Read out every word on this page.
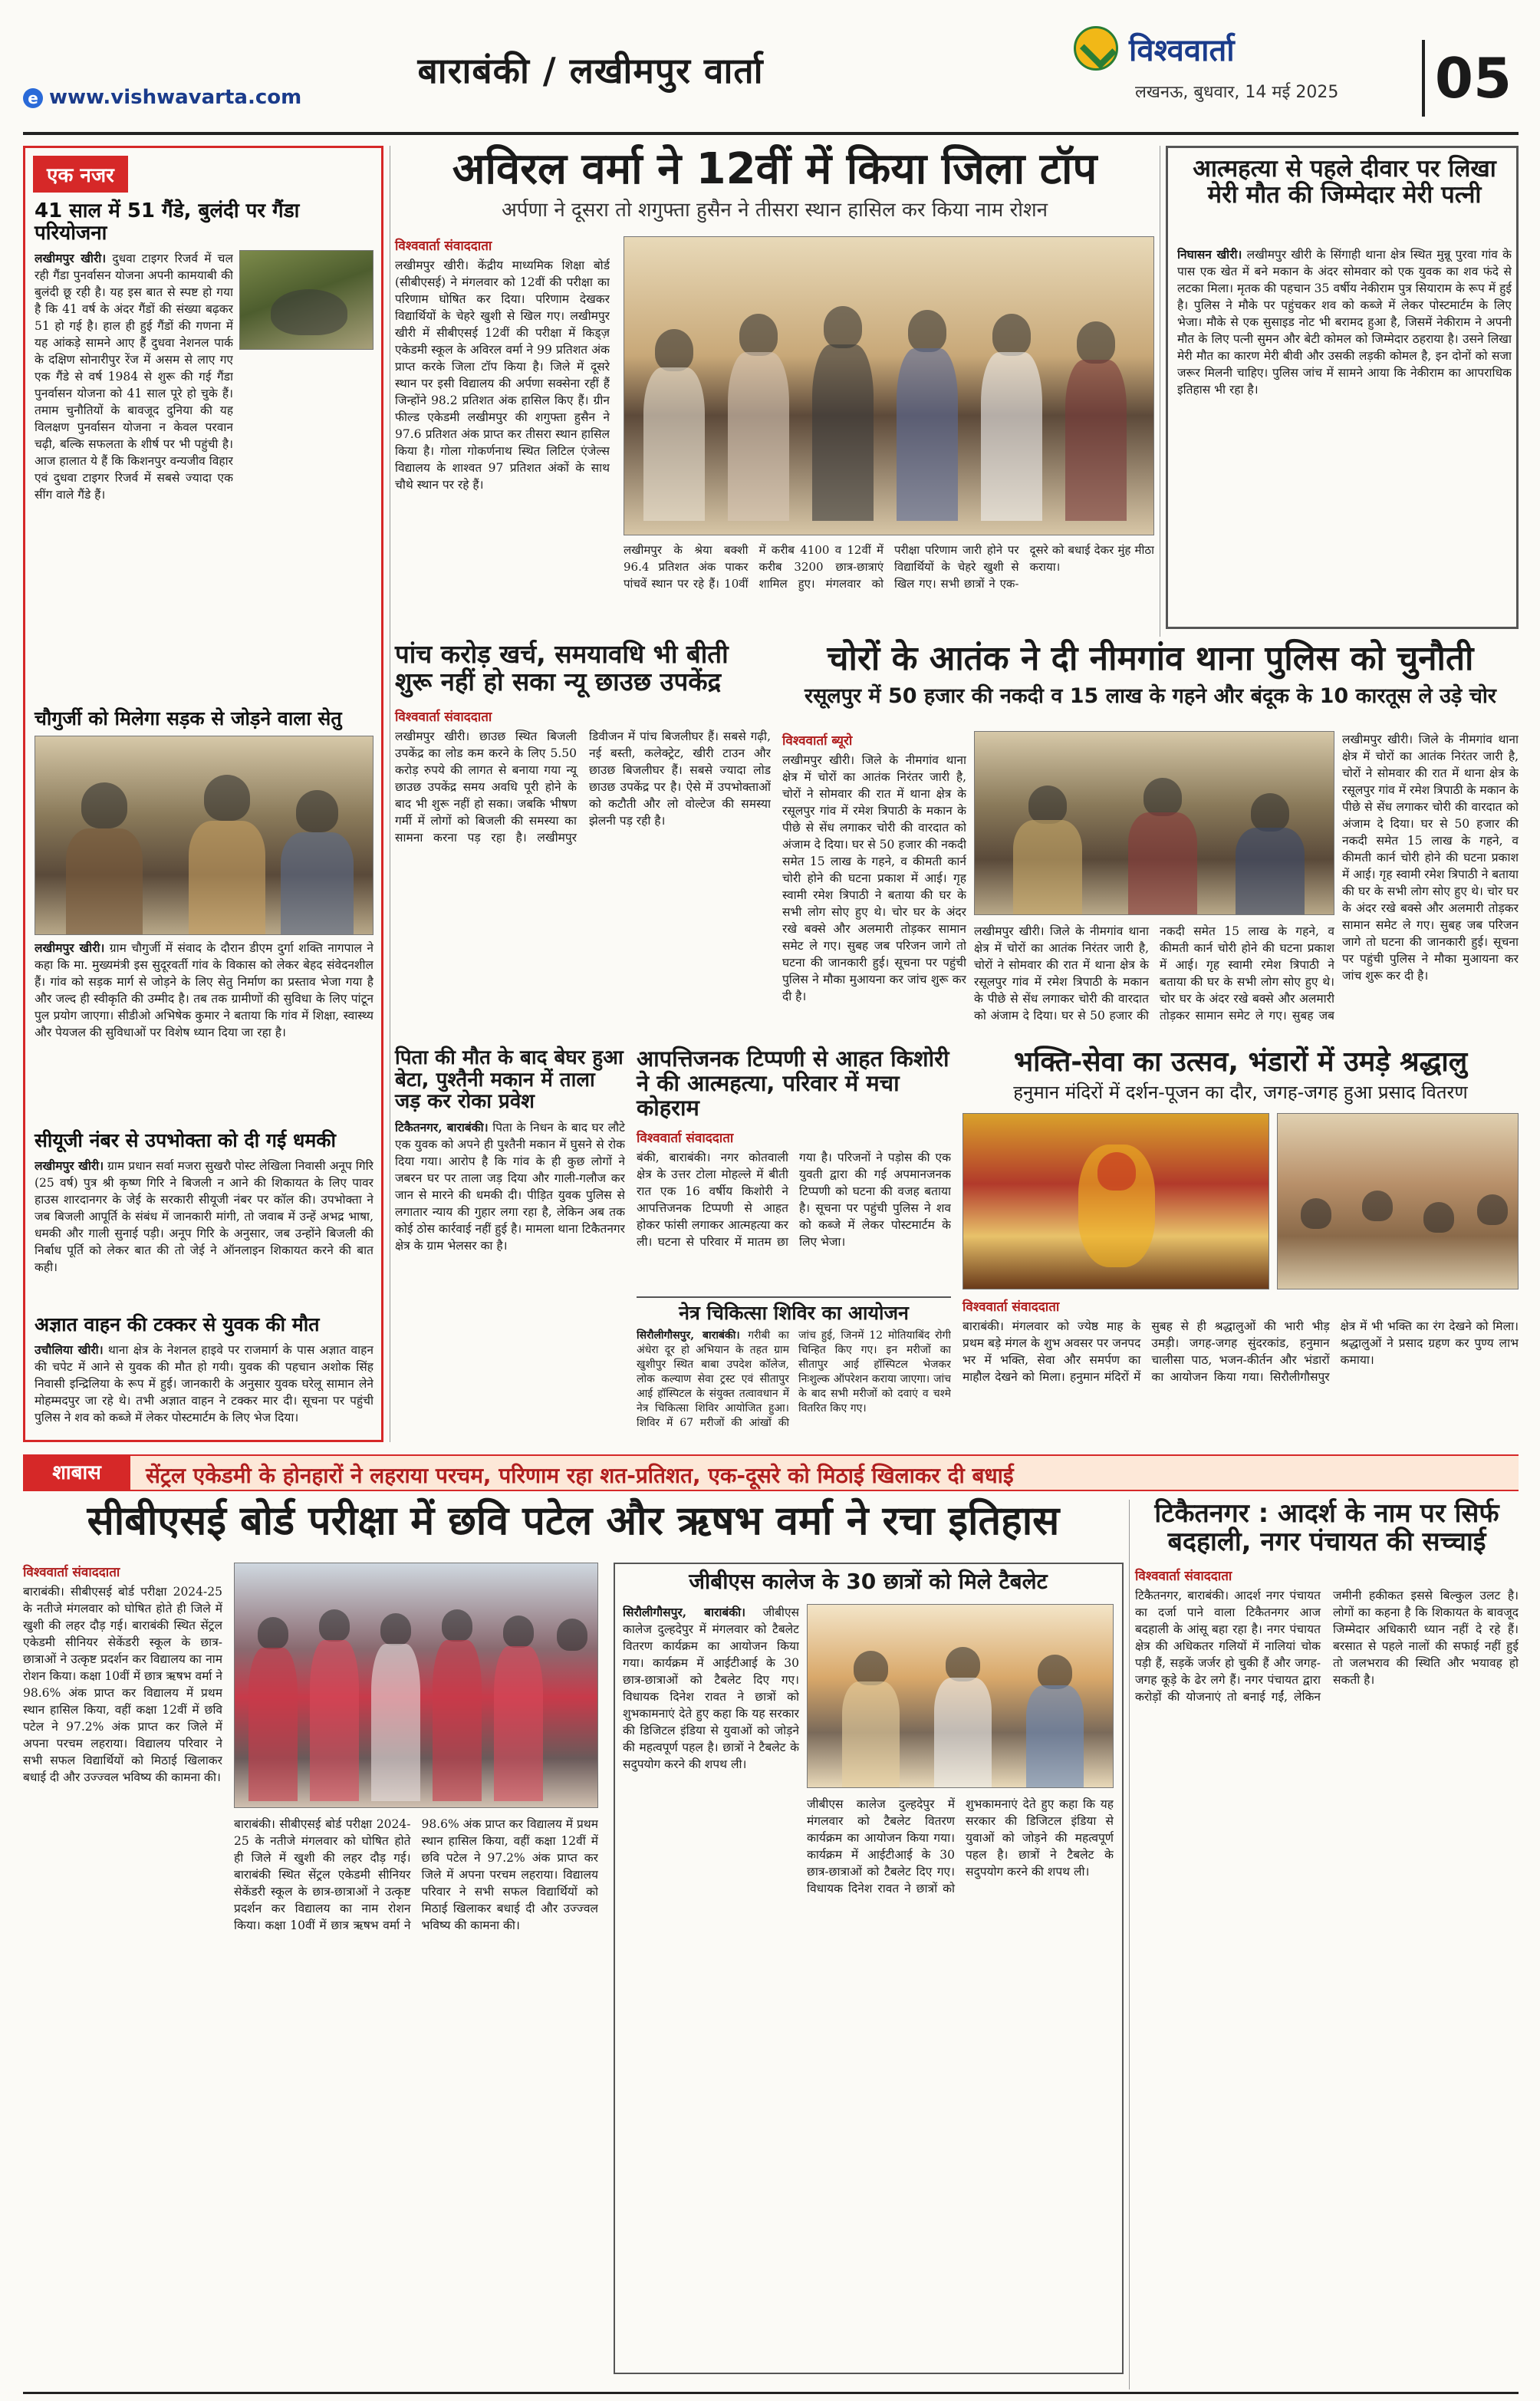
बाराबंकी / लखीमपुर वार्ता
e www.vishwavarta.com
विश्ववार्ता
लखनऊ, बुधवार, 14 मई 2025 05
एक नजर
41 साल में 51 गैंडे, बुलंदी पर गैंडा परियोजना
लखीमपुर खीरी। दुधवा टाइगर रिजर्व में चल रही गैंडा पुनर्वासन योजना अपनी कामयाबी की बुलंदी छू रही है। यह इस बात से स्पष्ट हो गया है कि 41 वर्ष के अंदर गैंडों की संख्या बढ़कर 51 हो गई है। हाल ही हुई गैंडों की गणना में यह आंकड़े सामने आए हैं दुधवा नेशनल पार्क के दक्षिण सोनारीपुर रेंज में असम से लाए गए एक गैंडे से वर्ष 1984 से शुरू की गई गैंडा पुनर्वासन योजना को 41 साल पूरे हो चुके हैं। तमाम चुनौतियों के बावजूद दुनिया की यह विलक्षण पुनर्वासन योजना न केवल परवान चढ़ी, बल्कि सफलता के शीर्ष पर भी पहुंची है। आज हालात ये हैं कि किशनपुर वन्यजीव विहार एवं दुधवा टाइगर रिजर्व में सबसे ज्यादा एक सींग वाले गैंडे हैं।
चौगुर्जी को मिलेगा सड़क से जोड़ने वाला सेतु
लखीमपुर खीरी। ग्राम चौगुर्जी में संवाद के दौरान डीएम दुर्गा शक्ति नागपाल ने कहा कि मा. मुख्यमंत्री इस सुदूरवर्ती गांव के विकास को लेकर बेहद संवेदनशील हैं। गांव को सड़क मार्ग से जोड़ने के लिए सेतु निर्माण का प्रस्ताव भेजा गया है और जल्द ही स्वीकृति की उम्मीद है। तब तक ग्रामीणों की सुविधा के लिए पांटून पुल प्रयोग जाएगा। सीडीओ अभिषेक कुमार ने बताया कि गांव में शिक्षा, स्वास्थ्य और पेयजल की सुविधाओं पर विशेष ध्यान दिया जा रहा है।
सीयूजी नंबर से उपभोक्ता को दी गई धमकी
लखीमपुर खीरी। ग्राम प्रधान सर्वा मजरा सुखरौ पोस्ट लेखिला निवासी अनूप गिरि (25 वर्ष) पुत्र श्री कृष्ण गिरि ने बिजली न आने की शिकायत के लिए पावर हाउस शारदानगर के जेई के सरकारी सीयूजी नंबर पर कॉल की। उपभोक्ता ने जब बिजली आपूर्ति के संबंध में जानकारी मांगी, तो जवाब में उन्हें अभद्र भाषा, धमकी और गाली सुनाई पड़ी। अनूप गिरि के अनुसार, जब उन्होंने बिजली की निर्बाध पूर्ति को लेकर बात की तो जेई ने ऑनलाइन शिकायत करने की बात कही।
अज्ञात वाहन की टक्कर से युवक की मौत
उचौलिया खीरी। थाना क्षेत्र के नेशनल हाइवे पर राजमार्ग के पास अज्ञात वाहन की चपेट में आने से युवक की मौत हो गयी। युवक की पहचान अशोक सिंह निवासी इन्द्रिलिया के रूप में हुई। जानकारी के अनुसार युवक घरेलू सामान लेने मोहम्मदपुर जा रहे थे। तभी अज्ञात वाहन ने टक्कर मार दी। सूचना पर पहुंची पुलिस ने शव को कब्जे में लेकर पोस्टमार्टम के लिए भेज दिया।
अविरल वर्मा ने 12वीं में किया जिला टॉप
अर्पणा ने दूसरा तो शगुफ्ता हुसैन ने तीसरा स्थान हासिल कर किया नाम रोशन
विश्ववार्ता संवाददाता
लखीमपुर खीरी। केंद्रीय माध्यमिक शिक्षा बोर्ड (सीबीएसई) ने मंगलवार को 12वीं की परीक्षा का परिणाम घोषित कर दिया। परिणाम देखकर विद्यार्थियों के चेहरे खुशी से खिल गए। लखीमपुर खीरी में सीबीएसई 12वीं की परीक्षा में किड्ज़ एकेडमी स्कूल के अविरल वर्मा ने 99 प्रतिशत अंक प्राप्त करके जिला टॉप किया है। जिले में दूसरे स्थान पर इसी विद्यालय की अर्पणा सक्सेना रहीं हैं जिन्होंने 98.2 प्रतिशत अंक हासिल किए हैं। ग्रीन फील्ड एकेडमी लखीमपुर की शगुफ्ता हुसैन ने 97.6 प्रतिशत अंक प्राप्त कर तीसरा स्थान हासिल किया है। गोला गोकर्णनाथ स्थित लिटिल एंजेल्स विद्यालय के शाश्वत 97 प्रतिशत अंकों के साथ चौथे स्थान पर रहे हैं।
लखीमपुर के श्रेया बक्शी 96.4 प्रतिशत अंक पाकर पांचवें स्थान पर रहे हैं। 10वीं में करीब 4100 व 12वीं में करीब 3200 छात्र-छात्राएं शामिल हुए। मंगलवार को परीक्षा परिणाम जारी होने पर विद्यार्थियों के चेहरे खुशी से खिल गए। सभी छात्रों ने एक-दूसरे को बधाई देकर मुंह मीठा कराया।
आत्महत्या से पहले दीवार पर लिखा मेरी मौत की जिम्मेदार मेरी पत्नी
निघासन खीरी। लखीमपुर खीरी के सिंगाही थाना क्षेत्र स्थित मुन्नू पुरवा गांव के पास एक खेत में बने मकान के अंदर सोमवार को एक युवक का शव फंदे से लटका मिला। मृतक की पहचान 35 वर्षीय नेकीराम पुत्र सियाराम के रूप में हुई है। पुलिस ने मौके पर पहुंचकर शव को कब्जे में लेकर पोस्टमार्टम के लिए भेजा। मौके से एक सुसाइड नोट भी बरामद हुआ है, जिसमें नेकीराम ने अपनी मौत के लिए पत्नी सुमन और बेटी कोमल को जिम्मेदार ठहराया है। उसने लिखा मेरी मौत का कारण मेरी बीवी और उसकी लड़की कोमल है, इन दोनों को सजा जरूर मिलनी चाहिए। पुलिस जांच में सामने आया कि नेकीराम का आपराधिक इतिहास भी रहा है।
पांच करोड़ खर्च, समयावधि भी बीती शुरू नहीं हो सका न्यू छाउछ उपकेंद्र
विश्ववार्ता संवाददाता
लखीमपुर खीरी। छाउछ स्थित बिजली उपकेंद्र का लोड कम करने के लिए 5.50 करोड़ रुपये की लागत से बनाया गया न्यू छाउछ उपकेंद्र समय अवधि पूरी होने के बाद भी शुरू नहीं हो सका। जबकि भीषण गर्मी में लोगों को बिजली की समस्या का सामना करना पड़ रहा है। लखीमपुर डिवीजन में पांच बिजलीघर हैं। सबसे गढ़ी, नई बस्ती, कलेक्ट्रेट, खीरी टाउन और छाउछ बिजलीघर हैं। सबसे ज्यादा लोड छाउछ उपकेंद्र पर है। ऐसे में उपभोक्ताओं को कटौती और लो वोल्टेज की समस्या झेलनी पड़ रही है।
चोरों के आतंक ने दी नीमगांव थाना पुलिस को चुनौती
रसूलपुर में 50 हजार की नकदी व 15 लाख के गहने और बंदूक के 10 कारतूस ले उड़े चोर
विश्ववार्ता ब्यूरो
लखीमपुर खीरी। जिले के नीमगांव थाना क्षेत्र में चोरों का आतंक निरंतर जारी है, चोरों ने सोमवार की रात में थाना क्षेत्र के रसूलपुर गांव में रमेश त्रिपाठी के मकान के पीछे से सेंध लगाकर चोरी की वारदात को अंजाम दे दिया। घर से 50 हजार की नकदी समेत 15 लाख के गहने, व कीमती कार्न चोरी होने की घटना प्रकाश में आई। गृह स्वामी रमेश त्रिपाठी ने बताया की घर के सभी लोग सोए हुए थे। चोर घर के अंदर रखे बक्से और अलमारी तोड़कर सामान समेट ले गए। सुबह जब परिजन जागे तो घटना की जानकारी हुई। सूचना पर पहुंची पुलिस ने मौका मुआयना कर जांच शुरू कर दी है।
लखीमपुर खीरी। जिले के नीमगांव थाना क्षेत्र में चोरों का आतंक निरंतर जारी है, चोरों ने सोमवार की रात में थाना क्षेत्र के रसूलपुर गांव में रमेश त्रिपाठी के मकान के पीछे से सेंध लगाकर चोरी की वारदात को अंजाम दे दिया। घर से 50 हजार की नकदी समेत 15 लाख के गहने, व कीमती कार्न चोरी होने की घटना प्रकाश में आई। गृह स्वामी रमेश त्रिपाठी ने बताया की घर के सभी लोग सोए हुए थे। चोर घर के अंदर रखे बक्से और अलमारी तोड़कर सामान समेट ले गए। सुबह जब
लखीमपुर खीरी। जिले के नीमगांव थाना क्षेत्र में चोरों का आतंक निरंतर जारी है, चोरों ने सोमवार की रात में थाना क्षेत्र के रसूलपुर गांव में रमेश त्रिपाठी के मकान के पीछे से सेंध लगाकर चोरी की वारदात को अंजाम दे दिया। घर से 50 हजार की नकदी समेत 15 लाख के गहने, व कीमती कार्न चोरी होने की घटना प्रकाश में आई। गृह स्वामी रमेश त्रिपाठी ने बताया की घर के सभी लोग सोए हुए थे। चोर घर के अंदर रखे बक्से और अलमारी तोड़कर सामान समेट ले गए। सुबह जब परिजन जागे तो घटना की जानकारी हुई। सूचना पर पहुंची पुलिस ने मौका मुआयना कर जांच शुरू कर दी है।
पिता की मौत के बाद बेघर हुआ बेटा, पुश्तैनी मकान में ताला जड़ कर रोका प्रवेश
टिकैतनगर, बाराबंकी। पिता के निधन के बाद घर लौटे एक युवक को अपने ही पुश्तैनी मकान में घुसने से रोक दिया गया। आरोप है कि गांव के ही कुछ लोगों ने जबरन घर पर ताला जड़ दिया और गाली-गलौज कर जान से मारने की धमकी दी। पीड़ित युवक पुलिस से लगातार न्याय की गुहार लगा रहा है, लेकिन अब तक कोई ठोस कार्रवाई नहीं हुई है। मामला थाना टिकैतनगर क्षेत्र के ग्राम भेलसर का है।
आपत्तिजनक टिप्पणी से आहत किशोरी ने की आत्महत्या, परिवार में मचा कोहराम
विश्ववार्ता संवाददाता
बंकी, बाराबंकी। नगर कोतवाली क्षेत्र के उत्तर टोला मोहल्ले में बीती रात एक 16 वर्षीय किशोरी ने आपत्तिजनक टिप्पणी से आहत होकर फांसी लगाकर आत्महत्या कर ली। घटना से परिवार में मातम छा गया है। परिजनों ने पड़ोस की एक युवती द्वारा की गई अपमानजनक टिप्पणी को घटना की वजह बताया है। सूचना पर पहुंची पुलिस ने शव को कब्जे में लेकर पोस्टमार्टम के लिए भेजा।
भक्ति-सेवा का उत्सव, भंडारों में उमड़े श्रद्धालु
हनुमान मंदिरों में दर्शन-पूजन का दौर, जगह-जगह हुआ प्रसाद वितरण
विश्ववार्ता संवाददाता
बाराबंकी। मंगलवार को ज्येष्ठ माह के प्रथम बड़े मंगल के शुभ अवसर पर जनपद भर में भक्ति, सेवा और समर्पण का माहौल देखने को मिला। हनुमान मंदिरों में सुबह से ही श्रद्धालुओं की भारी भीड़ उमड़ी। जगह-जगह सुंदरकांड, हनुमान चालीसा पाठ, भजन-कीर्तन और भंडारों का आयोजन किया गया। सिरौलीगौसपुर क्षेत्र में भी भक्ति का रंग देखने को मिला। श्रद्धालुओं ने प्रसाद ग्रहण कर पुण्य लाभ कमाया।
नेत्र चिकित्सा शिविर का आयोजन
सिरौलीगौसपुर, बाराबंकी। गरीबी का अंधेरा दूर हो अभियान के तहत ग्राम खुशीपुर स्थित बाबा उपदेश कॉलेज, लोक कल्याण सेवा ट्रस्ट एवं सीतापुर आई हॉस्पिटल के संयुक्त तत्वावधान में नेत्र चिकित्सा शिविर आयोजित हुआ। शिविर में 67 मरीजों की आंखों की जांच हुई, जिनमें 12 मोतियाबिंद रोगी चिन्हित किए गए। इन मरीजों का सीतापुर आई हॉस्पिटल भेजकर निःशुल्क ऑपरेशन कराया जाएगा। जांच के बाद सभी मरीजों को दवाएं व चश्मे वितरित किए गए।
शाबास	सेंट्रल एकेडमी के होनहारों ने लहराया परचम, परिणाम रहा शत-प्रतिशत, एक-दूसरे को मिठाई खिलाकर दी बधाई
सीबीएसई बोर्ड परीक्षा में छवि पटेल और ऋषभ वर्मा ने रचा इतिहास
विश्ववार्ता संवाददाता
बाराबंकी। सीबीएसई बोर्ड परीक्षा 2024-25 के नतीजे मंगलवार को घोषित होते ही जिले में खुशी की लहर दौड़ गई। बाराबंकी स्थित सेंट्रल एकेडमी सीनियर सेकेंडरी स्कूल के छात्र-छात्राओं ने उत्कृष्ट प्रदर्शन कर विद्यालय का नाम रोशन किया। कक्षा 10वीं में छात्र ऋषभ वर्मा ने 98.6% अंक प्राप्त कर विद्यालय में प्रथम स्थान हासिल किया, वहीं कक्षा 12वीं में छवि पटेल ने 97.2% अंक प्राप्त कर जिले में अपना परचम लहराया। विद्यालय परिवार ने सभी सफल विद्यार्थियों को मिठाई खिलाकर बधाई दी और उज्ज्वल भविष्य की कामना की।
बाराबंकी। सीबीएसई बोर्ड परीक्षा 2024-25 के नतीजे मंगलवार को घोषित होते ही जिले में खुशी की लहर दौड़ गई। बाराबंकी स्थित सेंट्रल एकेडमी सीनियर सेकेंडरी स्कूल के छात्र-छात्राओं ने उत्कृष्ट प्रदर्शन कर विद्यालय का नाम रोशन किया। कक्षा 10वीं में छात्र ऋषभ वर्मा ने 98.6% अंक प्राप्त कर विद्यालय में प्रथम स्थान हासिल किया, वहीं कक्षा 12वीं में छवि पटेल ने 97.2% अंक प्राप्त कर जिले में अपना परचम लहराया। विद्यालय परिवार ने सभी सफल विद्यार्थियों को मिठाई खिलाकर बधाई दी और उज्ज्वल भविष्य की कामना की।
जीबीएस कालेज के 30 छात्रों को मिले टैबलेट
सिरौलीगौसपुर, बाराबंकी। जीबीएस कालेज दुल्हदेपुर में मंगलवार को टैबलेट वितरण कार्यक्रम का आयोजन किया गया। कार्यक्रम में आईटीआई के 30 छात्र-छात्राओं को टैबलेट दिए गए। विधायक दिनेश रावत ने छात्रों को शुभकामनाएं देते हुए कहा कि यह सरकार की डिजिटल इंडिया से युवाओं को जोड़ने की महत्वपूर्ण पहल है। छात्रों ने टैबलेट के सदुपयोग करने की शपथ ली।
जीबीएस कालेज दुल्हदेपुर में मंगलवार को टैबलेट वितरण कार्यक्रम का आयोजन किया गया। कार्यक्रम में आईटीआई के 30 छात्र-छात्राओं को टैबलेट दिए गए। विधायक दिनेश रावत ने छात्रों को शुभकामनाएं देते हुए कहा कि यह सरकार की डिजिटल इंडिया से युवाओं को जोड़ने की महत्वपूर्ण पहल है। छात्रों ने टैबलेट के सदुपयोग करने की शपथ ली।
टिकैतनगर : आदर्श के नाम पर सिर्फ बदहाली, नगर पंचायत की सच्चाई
विश्ववार्ता संवाददाता
टिकैतनगर, बाराबंकी। आदर्श नगर पंचायत का दर्जा पाने वाला टिकैतनगर आज बदहाली के आंसू बहा रहा है। नगर पंचायत क्षेत्र की अधिकतर गलियों में नालियां चोक पड़ी हैं, सड़कें जर्जर हो चुकी हैं और जगह-जगह कूड़े के ढेर लगे हैं। नगर पंचायत द्वारा करोड़ों की योजनाएं तो बनाई गईं, लेकिन जमीनी हकीकत इससे बिल्कुल उलट है। लोगों का कहना है कि शिकायत के बावजूद जिम्मेदार अधिकारी ध्यान नहीं दे रहे हैं। बरसात से पहले नालों की सफाई नहीं हुई तो जलभराव की स्थिति और भयावह हो सकती है।
